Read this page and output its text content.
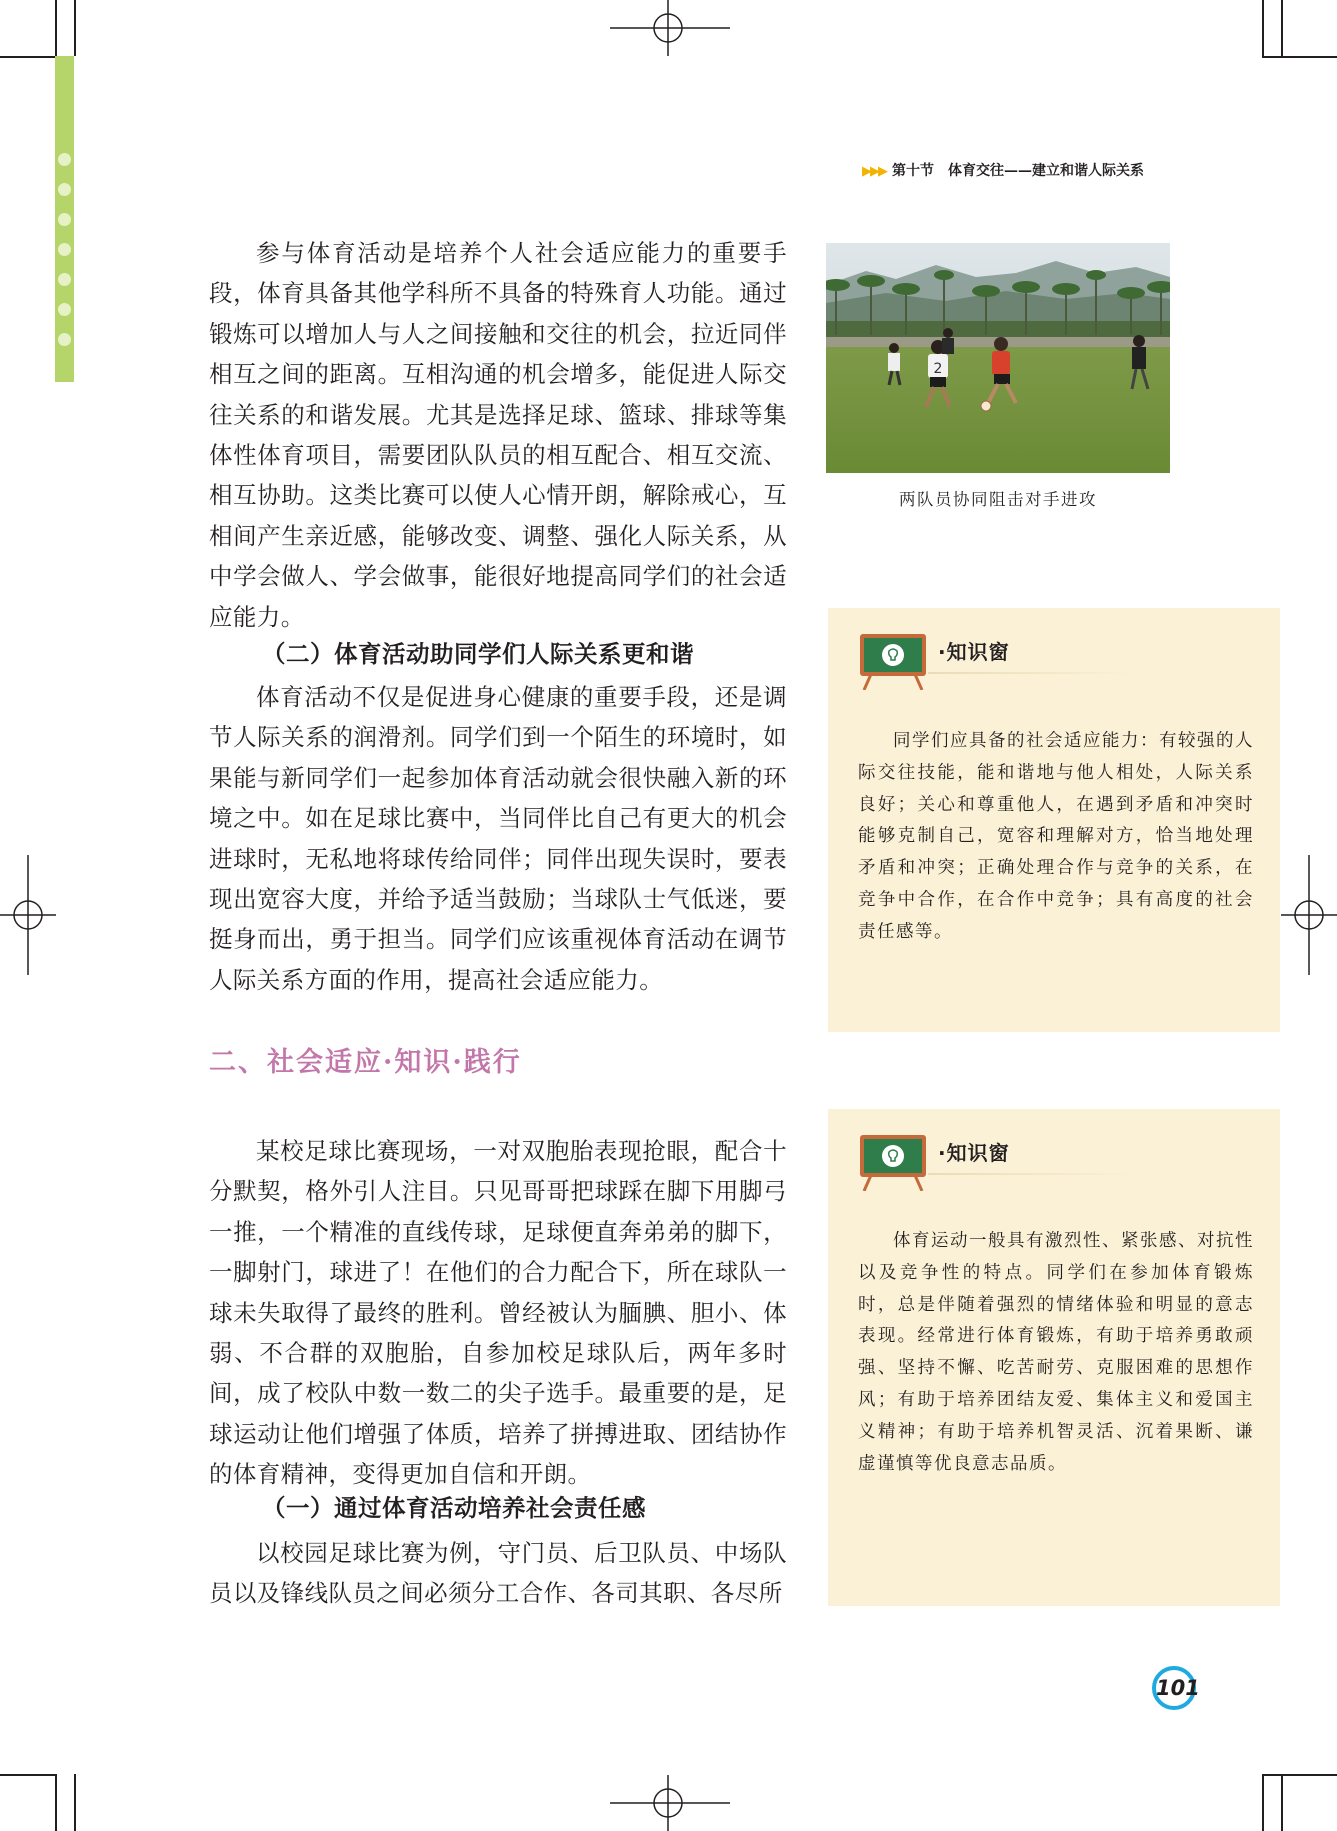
▶▶▶ 第十节　体育交往——建立和谐人际关系
参与体育活动是培养个人社会适应能力的重要手段，体育具备其他学科所不具备的特殊育人功能。通过锻炼可以增加人与人之间接触和交往的机会，拉近同伴相互之间的距离。互相沟通的机会增多，能促进人际交往关系的和谐发展。尤其是选择足球、篮球、排球等集体性体育项目，需要团队队员的相互配合、相互交流、相互协助。这类比赛可以使人心情开朗，解除戒心，互相间产生亲近感，能够改变、调整、强化人际关系，从中学会做人、学会做事，能很好地提高同学们的社会适应能力。
（二）体育活动助同学们人际关系更和谐
体育活动不仅是促进身心健康的重要手段，还是调节人际关系的润滑剂。同学们到一个陌生的环境时，如果能与新同学们一起参加体育活动就会很快融入新的环境之中。如在足球比赛中，当同伴比自己有更大的机会进球时，无私地将球传给同伴；同伴出现失误时，要表现出宽容大度，并给予适当鼓励；当球队士气低迷，要挺身而出，勇于担当。同学们应该重视体育活动在调节人际关系方面的作用，提高社会适应能力。
二、社会适应·知识·践行
某校足球比赛现场，一对双胞胎表现抢眼，配合十分默契，格外引人注目。只见哥哥把球踩在脚下用脚弓一推，一个精准的直线传球，足球便直奔弟弟的脚下，一脚射门，球进了！在他们的合力配合下，所在球队一球未失取得了最终的胜利。曾经被认为腼腆、胆小、体弱、不合群的双胞胎，自参加校足球队后，两年多时间，成了校队中数一数二的尖子选手。最重要的是，足球运动让他们增强了体质，培养了拼搏进取、团结协作的体育精神，变得更加自信和开朗。
（一）通过体育活动培养社会责任感
以校园足球比赛为例，守门员、后卫队员、中场队员以及锋线队员之间必须分工合作、各司其职、各尽所
2
两队员协同阻击对手进攻
·知识窗
同学们应具备的社会适应能力：有较强的人际交往技能，能和谐地与他人相处，人际关系良好；关心和尊重他人，在遇到矛盾和冲突时能够克制自己，宽容和理解对方，恰当地处理矛盾和冲突；正确处理合作与竞争的关系，在竞争中合作，在合作中竞争；具有高度的社会责任感等。
·知识窗
体育运动一般具有激烈性、紧张感、对抗性以及竞争性的特点。同学们在参加体育锻炼时，总是伴随着强烈的情绪体验和明显的意志表现。经常进行体育锻炼，有助于培养勇敢顽强、坚持不懈、吃苦耐劳、克服困难的思想作风；有助于培养团结友爱、集体主义和爱国主义精神；有助于培养机智灵活、沉着果断、谦虚谨慎等优良意志品质。
101
